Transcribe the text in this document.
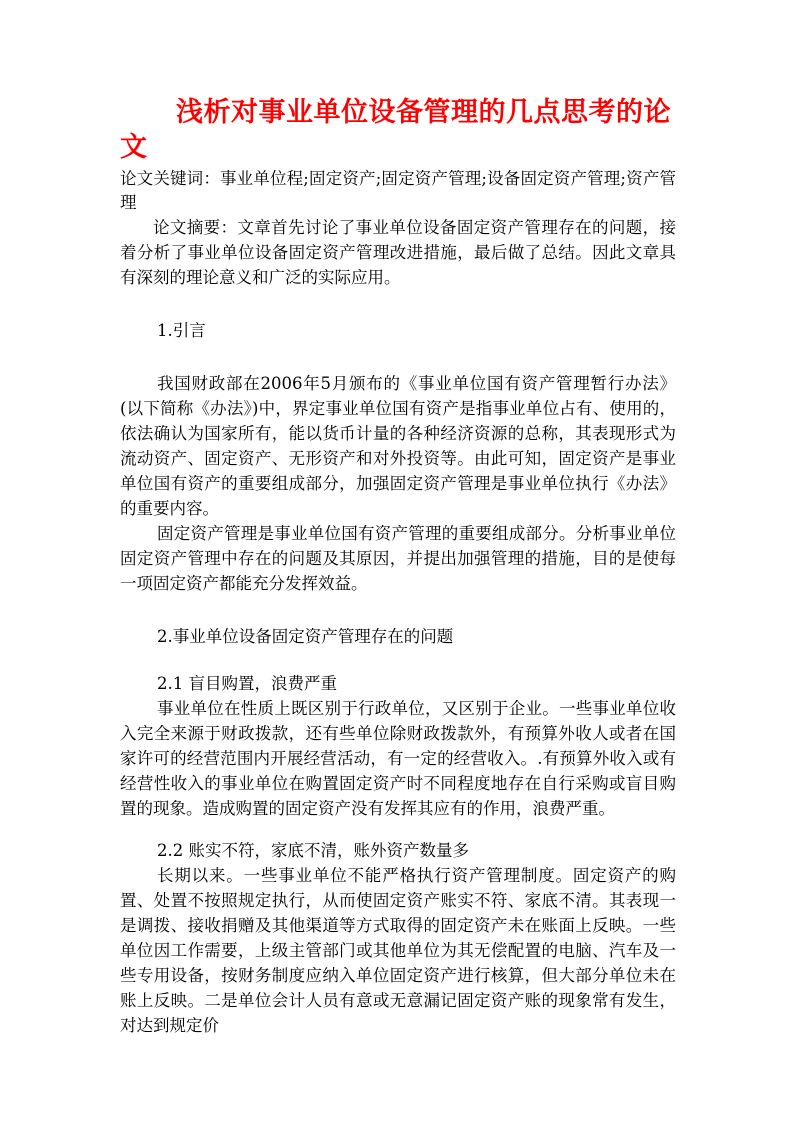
浅析对事业单位设备管理的几点思考的论文

论文关键词：事业单位程;固定资产;固定资产管理;设备固定资产管理;资产管理

论文摘要：文章首先讨论了事业单位设备固定资产管理存在的问题，接着分析了事业单位设备固定资产管理改进措施，最后做了总结。因此文章具有深刻的理论意义和广泛的实际应用。

1.引言

我国财政部在2006年5月颁布的《事业单位国有资产管理暂行办法》(以下简称《办法》)中，界定事业单位国有资产是指事业单位占有、使用的，依法确认为国家所有，能以货币计量的各种经济资源的总称，其表现形式为流动资产、固定资产、无形资产和对外投资等。由此可知，固定资产是事业单位国有资产的重要组成部分，加强固定资产管理是事业单位执行《办法》的重要内容。

固定资产管理是事业单位国有资产管理的重要组成部分。分析事业单位固定资产管理中存在的问题及其原因，并提出加强管理的措施，目的是使每一项固定资产都能充分发挥效益。

2.事业单位设备固定资产管理存在的问题

2.1 盲目购置，浪费严重

事业单位在性质上既区别于行政单位，又区别于企业。一些事业单位收入完全来源于财政拨款，还有些单位除财政拨款外，有预算外收人或者在国家许可的经营范围内开展经营活动，有一定的经营收入。.有预算外收入或有经营性收入的事业单位在购置固定资产时不同程度地存在自行采购或盲目购置的现象。造成购置的固定资产没有发挥其应有的作用，浪费严重。

2.2 账实不符，家底不清，账外资产数量多

长期以来。一些事业单位不能严格执行资产管理制度。固定资产的购置、处置不按照规定执行，从而使固定资产账实不符、家底不清。其表现一是调拨、接收捐赠及其他渠道等方式取得的固定资产未在账面上反映。一些单位因工作需要，上级主管部门或其他单位为其无偿配置的电脑、汽车及一些专用设备，按财务制度应纳入单位固定资产进行核算，但大部分单位未在账上反映。二是单位会计人员有意或无意漏记固定资产账的现象常有发生，对达到规定价
